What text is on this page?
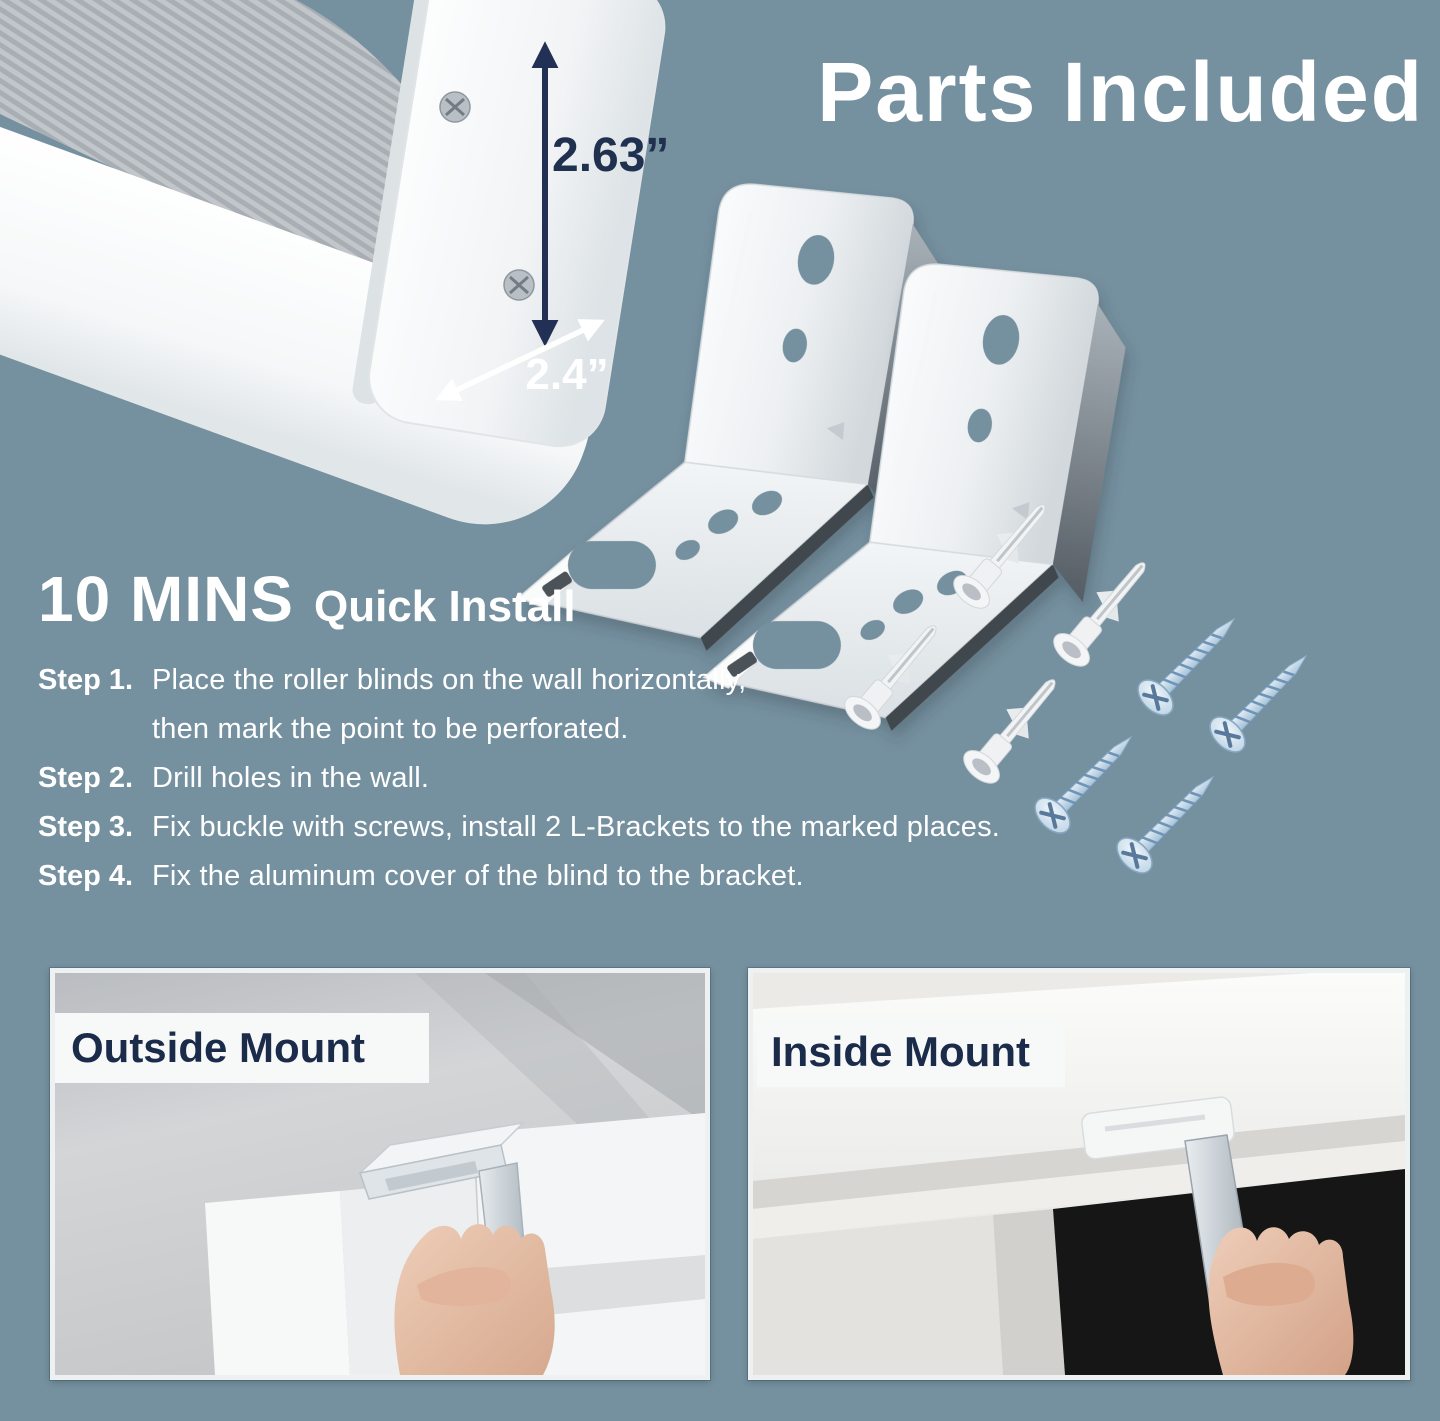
Parts Included
2.63”
2.4”
10 MINS Quick Install
Step 1. Place the roller blinds on the wall horizontally,
then mark the point to be perforated.
Step 2. Drill holes in the wall.
Step 3. Fix buckle with screws, install 2 L-Brackets to the marked places.
Step 4. Fix the aluminum cover of the blind to the bracket.
Outside Mount	Inside Mount
